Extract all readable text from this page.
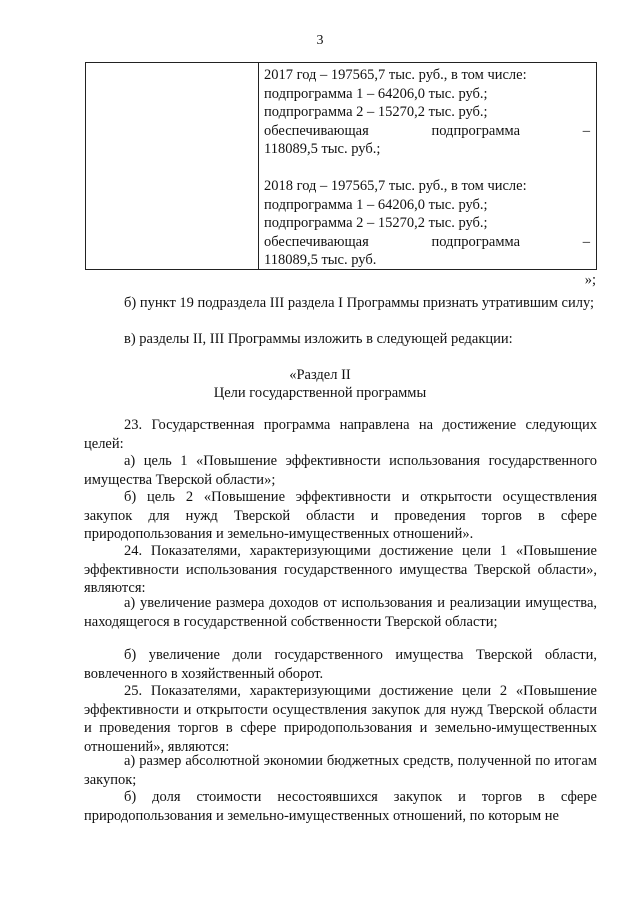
3
2017 год – 197565,7 тыс. руб., в том числе:
подпрограмма 1 – 64206,0 тыс. руб.;
подпрограмма 2 – 15270,2 тыс. руб.;
обеспечивающая	подпрограмма	–
118089,5 тыс. руб.;
2018 год – 197565,7 тыс. руб., в том числе:
подпрограмма 1 – 64206,0 тыс. руб.;
подпрограмма 2 – 15270,2 тыс. руб.;
обеспечивающая	подпрограмма	–
118089,5 тыс. руб.
»;
б) пункт 19 подраздела III раздела I Программы признать утратившим силу;
в) разделы II, III Программы изложить в следующей редакции:
«Раздел II
Цели государственной программы
23. Государственная программа направлена на достижение следующих целей:
а) цель 1 «Повышение эффективности использования государственного имущества Тверской области»;
б) цель 2 «Повышение эффективности и открытости осуществления закупок для нужд Тверской области и проведения торгов в сфере природопользования и земельно-имущественных отношений».
24. Показателями, характеризующими достижение цели 1 «Повышение эффективности использования государственного имущества Тверской области», являются:
а) увеличение размера доходов от использования и реализации имущества, находящегося в государственной собственности Тверской области;
б) увеличение доли государственного имущества Тверской области, вовлеченного в хозяйственный оборот.
25. Показателями, характеризующими достижение цели 2 «Повышение эффективности и открытости осуществления закупок для нужд Тверской области и проведения торгов в сфере природопользования и земельно-имущественных отношений», являются:
а) размер абсолютной экономии бюджетных средств, полученной по итогам закупок;
б) доля стоимости несостоявшихся закупок и торгов в сфере природопользования и земельно-имущественных отношений, по которым не
